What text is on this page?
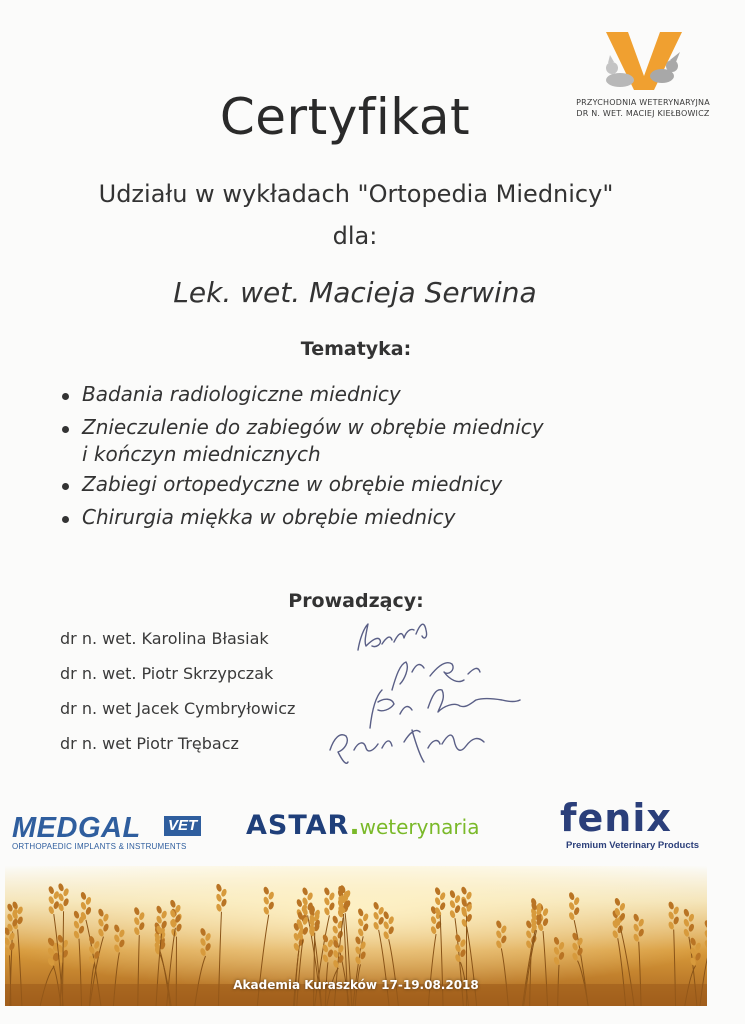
PRZYCHODNIA WETERYNARYJNA
DR N. WET. MACIEJ KIEŁBOWICZ
Certyfikat
Udziału w wykładach "Ortopedia Miednicy"
dla:
Lek. wet. Macieja Serwina
Tematyka:
Badania radiologiczne miednicy
Znieczulenie do zabiegów w obrębie miednicy
i kończyn miednicznych
Zabiegi ortopedyczne w obrębie miednicy
Chirurgia miękka w obrębie miednicy
Prowadzący:
dr n. wet. Karolina Błasiak
dr n. wet. Piotr Skrzypczak
dr n. wet Jacek Cymbryłowicz
dr n. wet Piotr Trębacz
MEDGAL VET
ORTHOPAEDIC IMPLANTS & INSTRUMENTS
ASTAR.weterynaria	fenix
Premium Veterinary Products
Akademia Kuraszków 17-19.08.2018
